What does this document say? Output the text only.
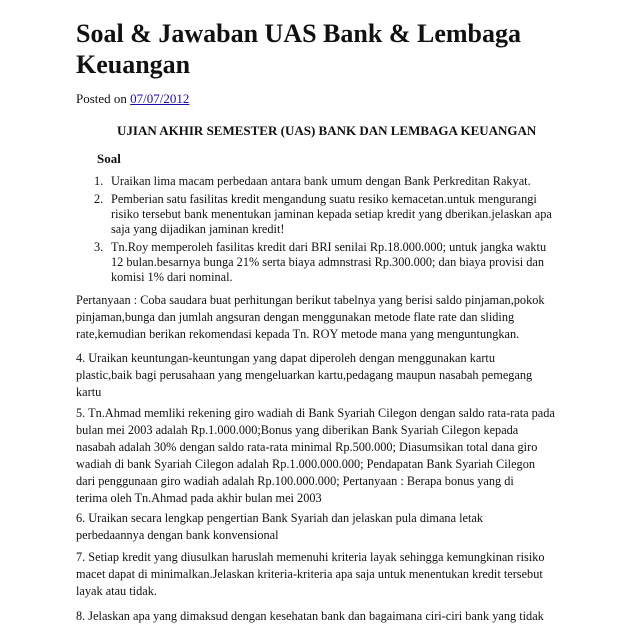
Soal & Jawaban UAS Bank & Lembaga
Keuangan
Posted on 07/07/2012
UJIAN AKHIR SEMESTER (UAS) BANK DAN LEMBAGA KEUANGAN
Soal
1. Uraikan lima macam perbedaan antara bank umum dengan Bank Perkreditan Rakyat.
2. Pemberian satu fasilitas kredit mengandung suatu resiko kemacetan.untuk mengurangi
risiko tersebut bank menentukan jaminan kepada setiap kredit yang dberikan.jelaskan apa
saja yang dijadikan jaminan kredit!
3. Tn.Roy memperoleh fasilitas kredit dari BRI senilai Rp.18.000.000; untuk jangka waktu
12 bulan.besarnya bunga 21% serta biaya admnstrasi Rp.300.000; dan biaya provisi dan
komisi 1% dari nominal.

Pertanyaan : Coba saudara buat perhitungan berikut tabelnya yang berisi saldo pinjaman,pokok
pinjaman,bunga dan jumlah angsuran dengan menggunakan metode flate rate dan sliding
rate,kemudian berikan rekomendasi kepada Tn. ROY metode mana yang menguntungkan.

4. Uraikan keuntungan-keuntungan yang dapat diperoleh dengan menggunakan kartu
plastic,baik bagi perusahaan yang mengeluarkan kartu,pedagang maupun nasabah pemegang
kartu

5. Tn.Ahmad memliki rekening giro wadiah di Bank Syariah Cilegon dengan saldo rata-rata pada
bulan mei 2003 adalah Rp.1.000.000;Bonus yang diberikan Bank Syariah Cilegon kepada
nasabah adalah 30% dengan saldo rata-rata minimal Rp.500.000; Diasumsikan total dana giro
wadiah di bank Syariah Cilegon adalah Rp.1.000.000.000; Pendapatan Bank Syariah Cilegon
dari penggunaan giro wadiah adalah Rp.100.000.000; Pertanyaan : Berapa bonus yang di
terima oleh Tn.Ahmad pada akhir bulan mei 2003

6. Uraikan secara lengkap pengertian Bank Syariah dan jelaskan pula dimana letak
perbedaannya dengan bank konvensional

7. Setiap kredit yang diusulkan haruslah memenuhi kriteria layak sehingga kemungkinan risiko
macet dapat di minimalkan.Jelaskan kriteria-kriteria apa saja untuk menentukan kredit tersebut
layak atau tidak.

8. Jelaskan apa yang dimaksud dengan kesehatan bank dan bagaimana ciri-ciri bank yang tidak
